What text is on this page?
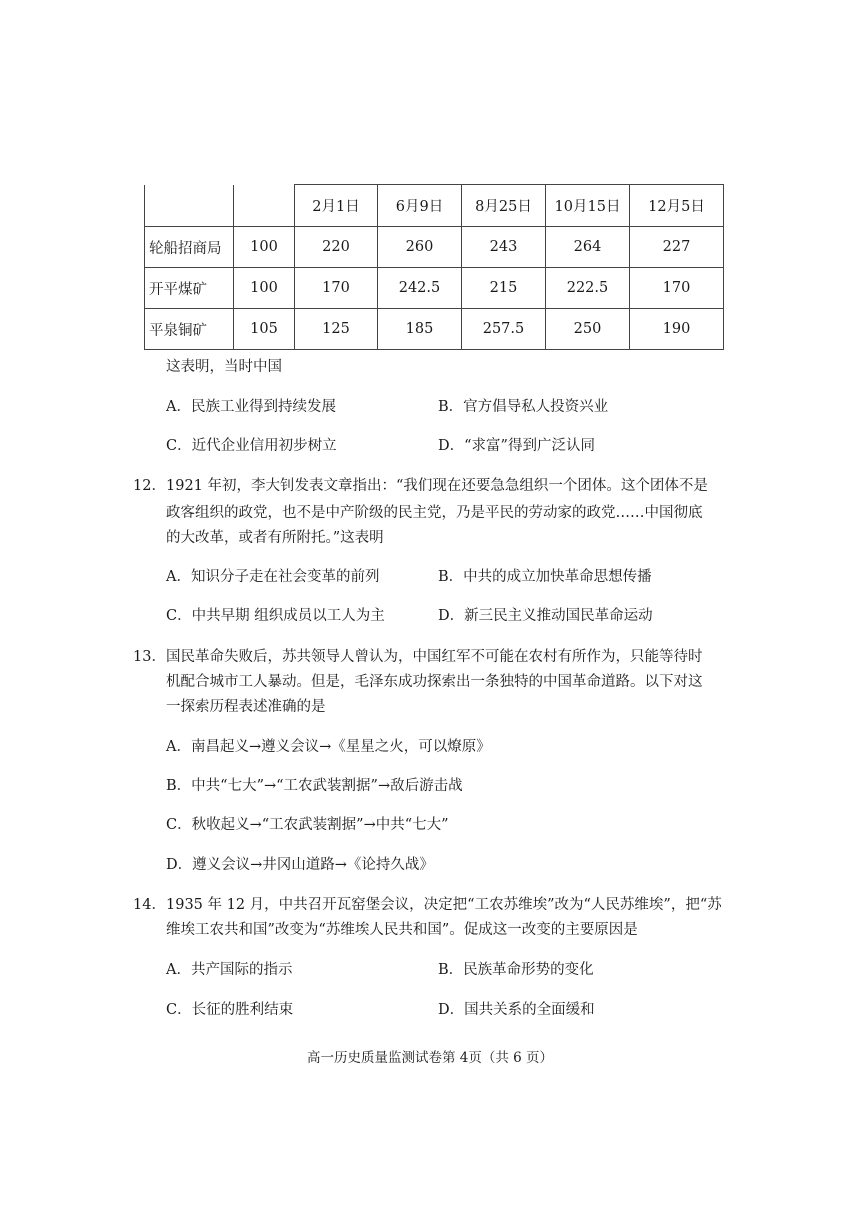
		2月1日	6月9日	8月25日	10月15日	12月5日
轮船招商局	100	220	260	243	264	227
开平煤矿	100	170	242.5	215	222.5	170
平泉铜矿	105	125	185	257.5	250	190
这表明，当时中国
A．民族工业得到持续发展	B．官方倡导私人投资兴业
C．近代企业信用初步树立	D．“求富”得到广泛认同
12． 1921 年初，李大钊发表文章指出：“我们现在还要急急组织一个团体。这个团体不是
政客组织的政党，也不是中产阶级的民主党，乃是平民的劳动家的政党……中国彻底
的大改革，或者有所附托。”这表明
A．知识分子走在社会变革的前列	B．中共的成立加快革命思想传播
C．中共早期 组织成员以工人为主	D．新三民主义推动国民革命运动
13． 国民革命失败后，苏共领导人曾认为，中国红军不可能在农村有所作为，只能等待时
机配合城市工人暴动。但是，毛泽东成功探索出一条独特的中国革命道路。以下对这
一探索历程表述准确的是
A．南昌起义→遵义会议→《星星之火，可以燎原》
B．中共“七大”→“工农武装割据”→敌后游击战
C．秋收起义→“工农武装割据”→中共“七大”
D．遵义会议→井冈山道路→《论持久战》
14． 1935 年 12 月，中共召开瓦窑堡会议，决定把“工农苏维埃”改为“人民苏维埃”，把“苏
维埃工农共和国”改变为“苏维埃人民共和国”。促成这一改变的主要原因是
A．共产国际的指示	B．民族革命形势的变化
C．长征的胜利结束	D．国共关系的全面缓和
高一历史质量监测试卷第 4页（共 6 页）
